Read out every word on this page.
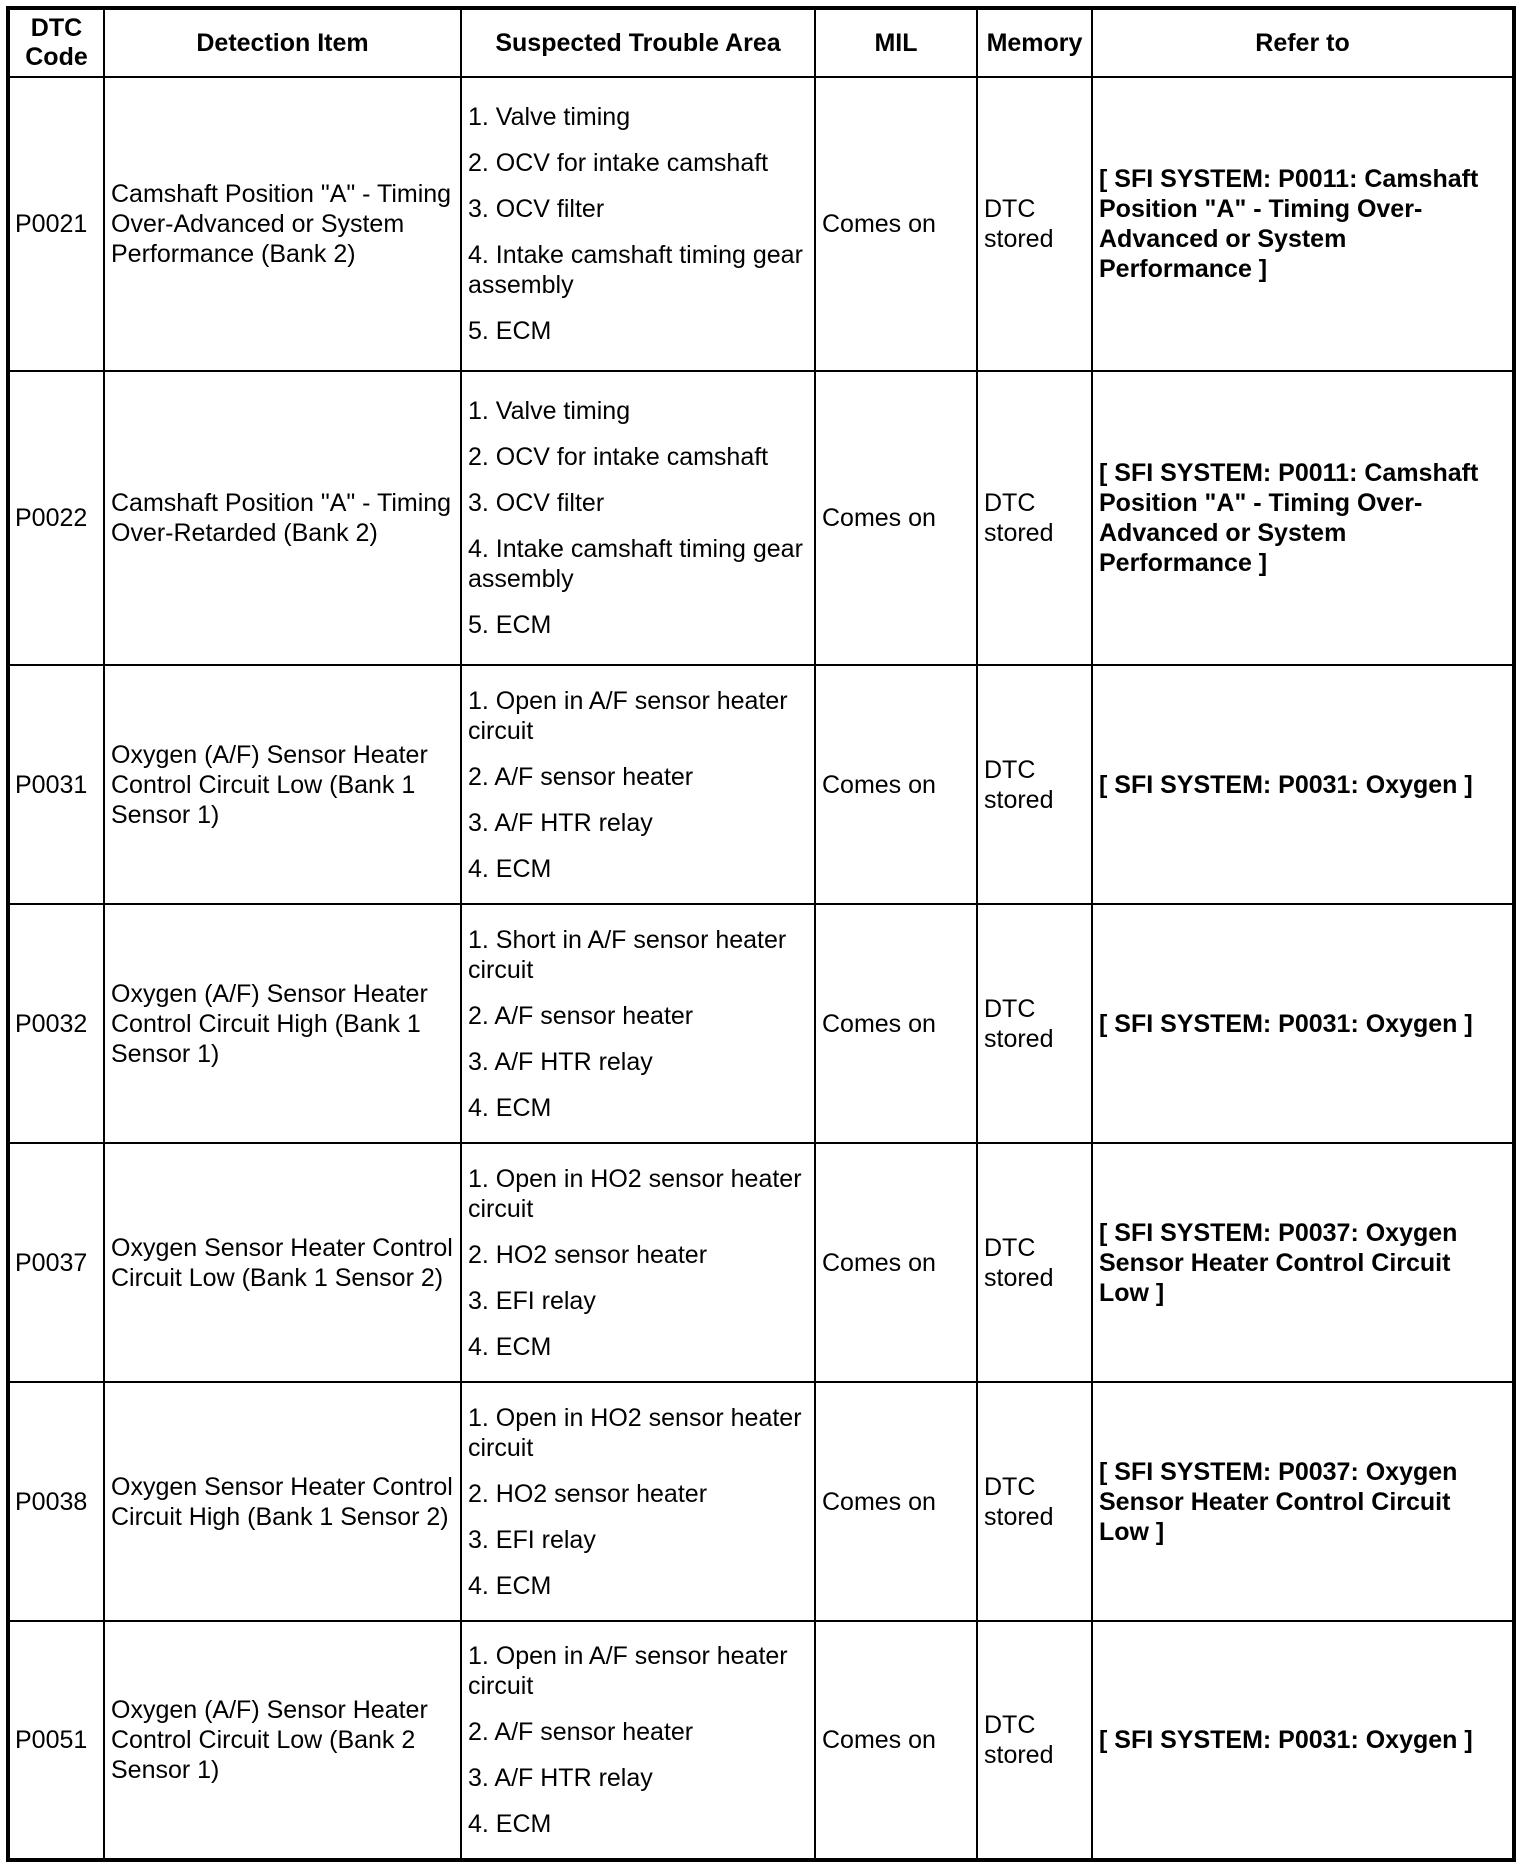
DTC Code	Detection Item	Suspected Trouble Area	MIL	Memory	Refer to
P0021	Camshaft Position "A" - Timing Over-Advanced or System Performance (Bank 2)	1. Valve timing
2. OCV for intake camshaft
3. OCV filter
4. Intake camshaft timing gear assembly
5. ECM	Comes on	DTC stored	[ SFI SYSTEM: P0011: Camshaft Position "A" - Timing Over-Advanced or System Performance ]
P0022	Camshaft Position "A" - Timing Over-Retarded (Bank 2)	1. Valve timing
2. OCV for intake camshaft
3. OCV filter
4. Intake camshaft timing gear assembly
5. ECM	Comes on	DTC stored	[ SFI SYSTEM: P0011: Camshaft Position "A" - Timing Over-Advanced or System Performance ]
P0031	Oxygen (A/F) Sensor Heater Control Circuit Low (Bank 1 Sensor 1)	1. Open in A/F sensor heater circuit
2. A/F sensor heater
3. A/F HTR relay
4. ECM	Comes on	DTC stored	[ SFI SYSTEM: P0031: Oxygen ]
P0032	Oxygen (A/F) Sensor Heater Control Circuit High (Bank 1 Sensor 1)	1. Short in A/F sensor heater circuit
2. A/F sensor heater
3. A/F HTR relay
4. ECM	Comes on	DTC stored	[ SFI SYSTEM: P0031: Oxygen ]
P0037	Oxygen Sensor Heater Control Circuit Low (Bank 1 Sensor 2)	1. Open in HO2 sensor heater circuit
2. HO2 sensor heater
3. EFI relay
4. ECM	Comes on	DTC stored	[ SFI SYSTEM: P0037: Oxygen Sensor Heater Control Circuit Low ]
P0038	Oxygen Sensor Heater Control Circuit High (Bank 1 Sensor 2)	1. Open in HO2 sensor heater circuit
2. HO2 sensor heater
3. EFI relay
4. ECM	Comes on	DTC stored	[ SFI SYSTEM: P0037: Oxygen Sensor Heater Control Circuit Low ]
P0051	Oxygen (A/F) Sensor Heater Control Circuit Low (Bank 2 Sensor 1)	1. Open in A/F sensor heater circuit
2. A/F sensor heater
3. A/F HTR relay
4. ECM	Comes on	DTC stored	[ SFI SYSTEM: P0031: Oxygen ]
